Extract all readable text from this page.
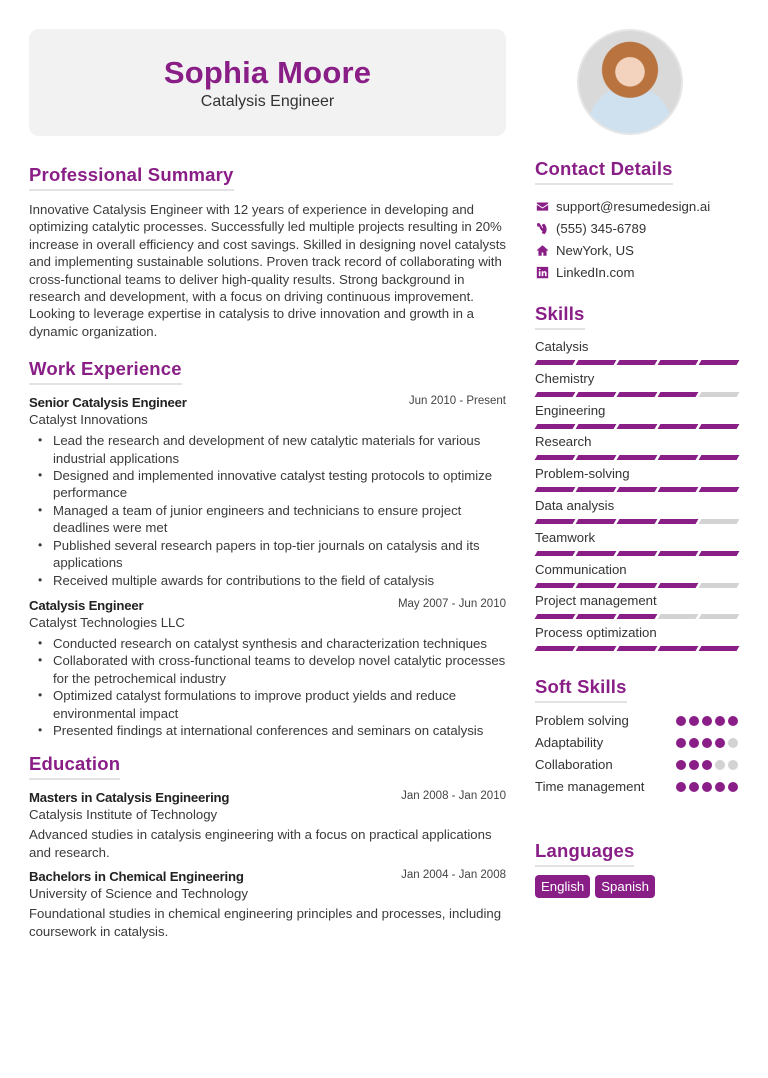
Sophia Moore
Catalysis Engineer
Professional Summary

Innovative Catalysis Engineer with 12 years of experience in developing and optimizing catalytic processes. Successfully led multiple projects resulting in 20% increase in overall efficiency and cost savings. Skilled in designing novel catalysts and implementing sustainable solutions. Proven track record of collaborating with cross-functional teams to deliver high-quality results. Strong background in research and development, with a focus on driving continuous improvement. Looking to leverage expertise in catalysis to drive innovation and growth in a dynamic organization.

Work Experience
Senior Catalysis Engineer	Jun 2010 - Present
Catalyst Innovations
• Lead the research and development of new catalytic materials for various industrial applications
• Designed and implemented innovative catalyst testing protocols to optimize performance
• Managed a team of junior engineers and technicians to ensure project deadlines were met
• Published several research papers in top-tier journals on catalysis and its applications
• Received multiple awards for contributions to the field of catalysis
Catalysis Engineer	May 2007 - Jun 2010
Catalyst Technologies LLC
• Conducted research on catalyst synthesis and characterization techniques
• Collaborated with cross-functional teams to develop novel catalytic processes for the petrochemical industry
• Optimized catalyst formulations to improve product yields and reduce environmental impact
• Presented findings at international conferences and seminars on catalysis
Education
Masters in Catalysis Engineering	Jan 2008 - Jan 2010
Catalysis Institute of Technology

Advanced studies in catalysis engineering with a focus on practical applications and research.

Bachelors in Chemical Engineering	Jan 2004 - Jan 2008
University of Science and Technology

Foundational studies in chemical engineering principles and processes, including coursework in catalysis.

Contact Details
support@resumedesign.ai
(555) 345-6789
NewYork, US
LinkedIn.com
Skills
Catalysis
Chemistry
Engineering
Research
Problem-solving
Data analysis
Teamwork
Communication
Project management
Process optimization
Soft Skills
Problem solving
Adaptability
Collaboration
Time management
Languages
English	Spanish
